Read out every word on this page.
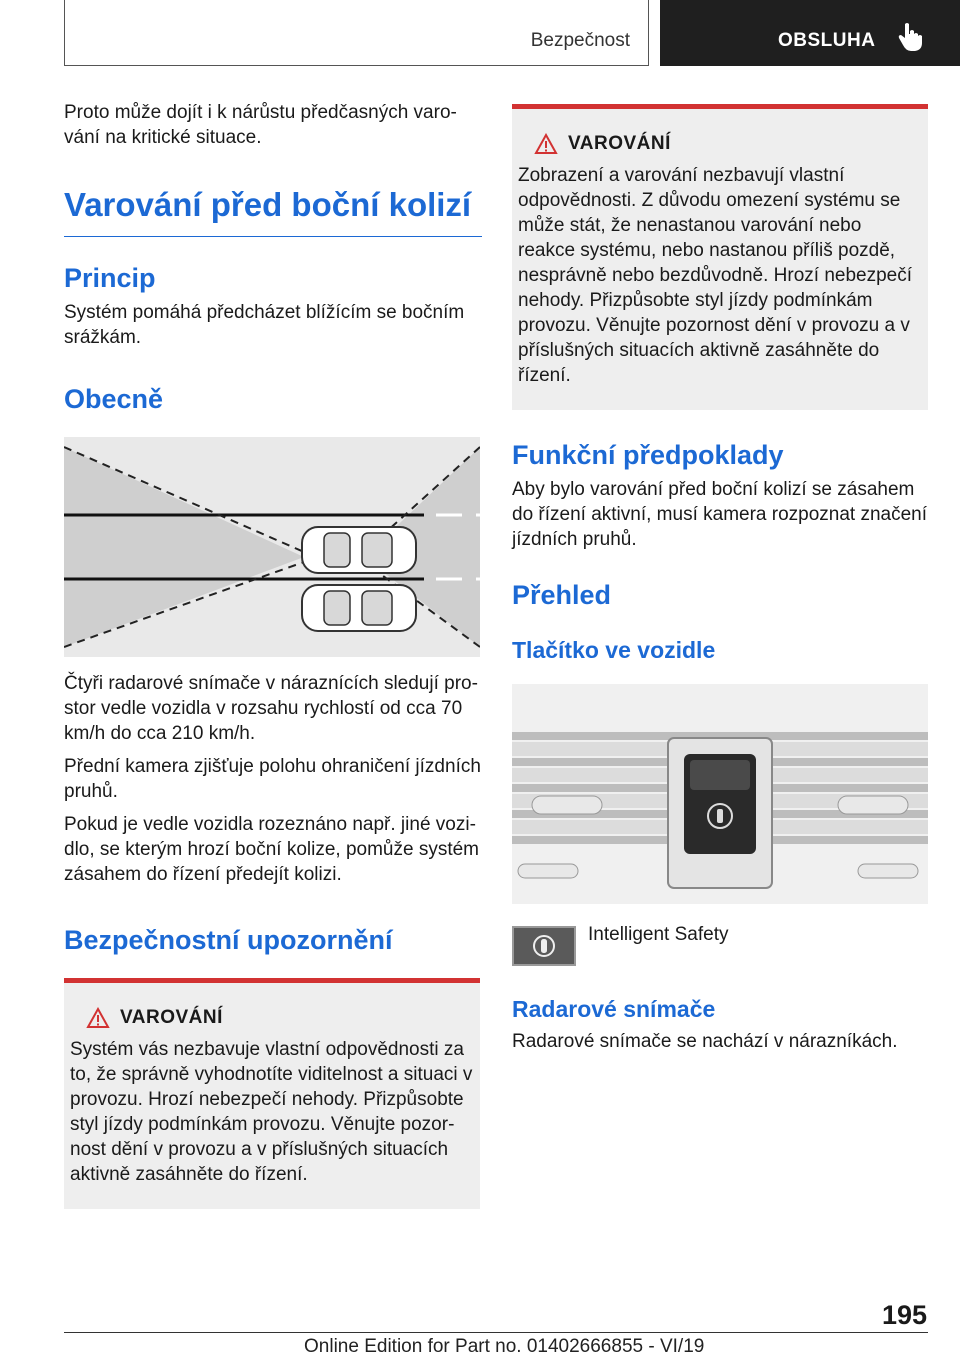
Bezpečnost	OBSLUHA

Proto může dojít i k nárůstu předčasných varování na kritické situace.

Varování před boční kolizí
Princip

Systém pomáhá předcházet blížícím se bočním srážkám.

Obecně

Čtyři radarové snímače v náraznících sledují prostor vedle vozidla v rozsahu rychlostí od cca 70 km/h do cca 210 km/h.

Přední kamera zjišťuje polohu ohraničení jízdních pruhů.

Pokud je vedle vozidla rozeznáno např. jiné vozidlo, se kterým hrozí boční kolize, pomůže systém zásahem do řízení předejít kolizi.

Bezpečnostní upozornění
VAROVÁNÍ

Systém vás nezbavuje vlastní odpovědnosti za to, že správně vyhodnotíte viditelnost a situaci v provozu. Hrozí nebezpečí nehody. Přizpůsobte styl jízdy podmínkám provozu. Věnujte pozornost dění v provozu a v příslušných situacích aktivně zasáhněte do řízení.

VAROVÁNÍ

Zobrazení a varování nezbavují vlastní odpovědnosti. Z důvodu omezení systému se může stát, že nenastanou varování nebo reakce systému, nebo nastanou příliš pozdě, nesprávně nebo bezdůvodně. Hrozí nebezpečí nehody. Přizpůsobte styl jízdy podmínkám provozu. Věnujte pozornost dění v provozu a v příslušných situacích aktivně zasáhněte do řízení.

Funkční předpoklady

Aby bylo varování před boční kolizí se zásahem do řízení aktivní, musí kamera rozpoznat značení jízdních pruhů.

Přehled
Tlačítko ve vozidle

Intelligent Safety

Radarové snímače

Radarové snímače se nachází v nárazníkách.

195
Online Edition for Part no. 01402666855 - VI/19
